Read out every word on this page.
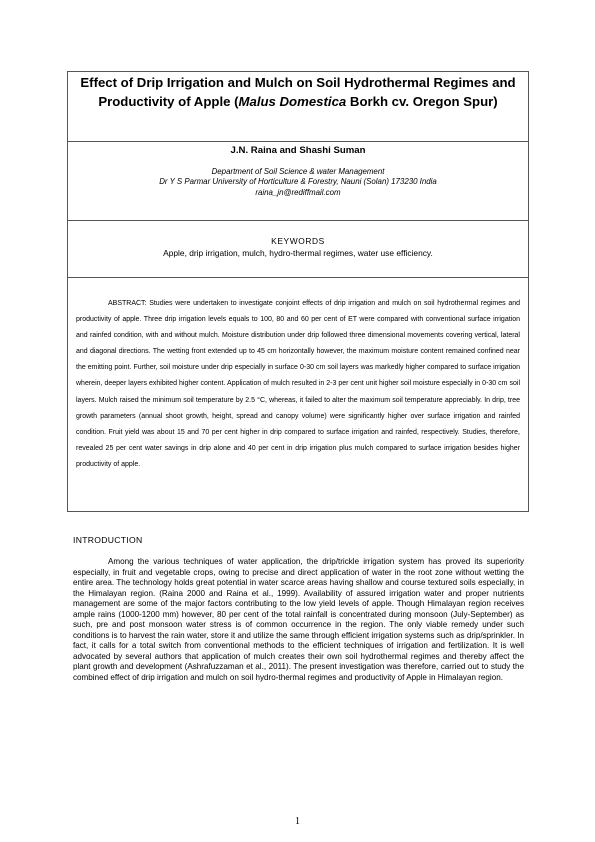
Effect of Drip Irrigation and Mulch on Soil Hydrothermal Regimes and Productivity of Apple (Malus Domestica Borkh cv. Oregon Spur)
J.N. Raina and Shashi Suman
Department of Soil Science & water Management
Dr Y S Parmar University of Horticulture & Forestry, Nauni (Solan) 173230 India
raina_jn@rediffmail.com
KEYWORDS
Apple, drip irrigation, mulch, hydro-thermal regimes, water use efficiency.

ABSTRACT: Studies were undertaken to investigate conjoint effects of drip irrigation and mulch on soil hydrothermal regimes and productivity of apple. Three drip irrigation levels equals to 100, 80 and 60 per cent of ET were compared with conventional surface irrigation and rainfed condition, with and without mulch. Moisture distribution under drip followed three dimensional movements covering vertical, lateral and diagonal directions. The wetting front extended up to 45 cm horizontally however, the maximum moisture content remained confined near the emitting point. Further, soil moisture under drip especially in surface 0-30 cm soil layers was markedly higher compared to surface irrigation wherein, deeper layers exhibited higher content. Application of mulch resulted in 2-3 per cent unit higher soil moisture especially in 0-30 cm soil layers. Mulch raised the minimum soil temperature by 2.5 °C, whereas, it failed to alter the maximum soil temperature appreciably. In drip, tree growth parameters (annual shoot growth, height, spread and canopy volume) were significantly higher over surface irrigation and rainfed condition. Fruit yield was about 15 and 70 per cent higher in drip compared to surface irrigation and rainfed, respectively. Studies, therefore, revealed 25 per cent water savings in drip alone and 40 per cent in drip irrigation plus mulch compared to surface irrigation besides higher productivity of apple.

INTRODUCTION

Among the various techniques of water application, the drip/trickle irrigation system has proved its superiority especially, in fruit and vegetable crops, owing to precise and direct application of water in the root zone without wetting the entire area. The technology holds great potential in water scarce areas having shallow and course textured soils especially, in the Himalayan region. (Raina 2000 and Raina et al., 1999). Availability of assured irrigation water and proper nutrients management are some of the major factors contributing to the low yield levels of apple. Though Himalayan region receives ample rains (1000-1200 mm) however, 80 per cent of the total rainfall is concentrated during monsoon (July-September) as such, pre and post monsoon water stress is of common occurrence in the region. The only viable remedy under such conditions is to harvest the rain water, store it and utilize the same through efficient irrigation systems such as drip/sprinkler. In fact, it calls for a total switch from conventional methods to the efficient techniques of irrigation and fertilization. It is well advocated by several authors that application of mulch creates their own soil hydrothermal regimes and thereby affect the plant growth and development (Ashrafuzzaman et al., 2011). The present investigation was therefore, carried out to study the combined effect of drip irrigation and mulch on soil hydro-thermal regimes and productivity of Apple in Himalayan region.

1
